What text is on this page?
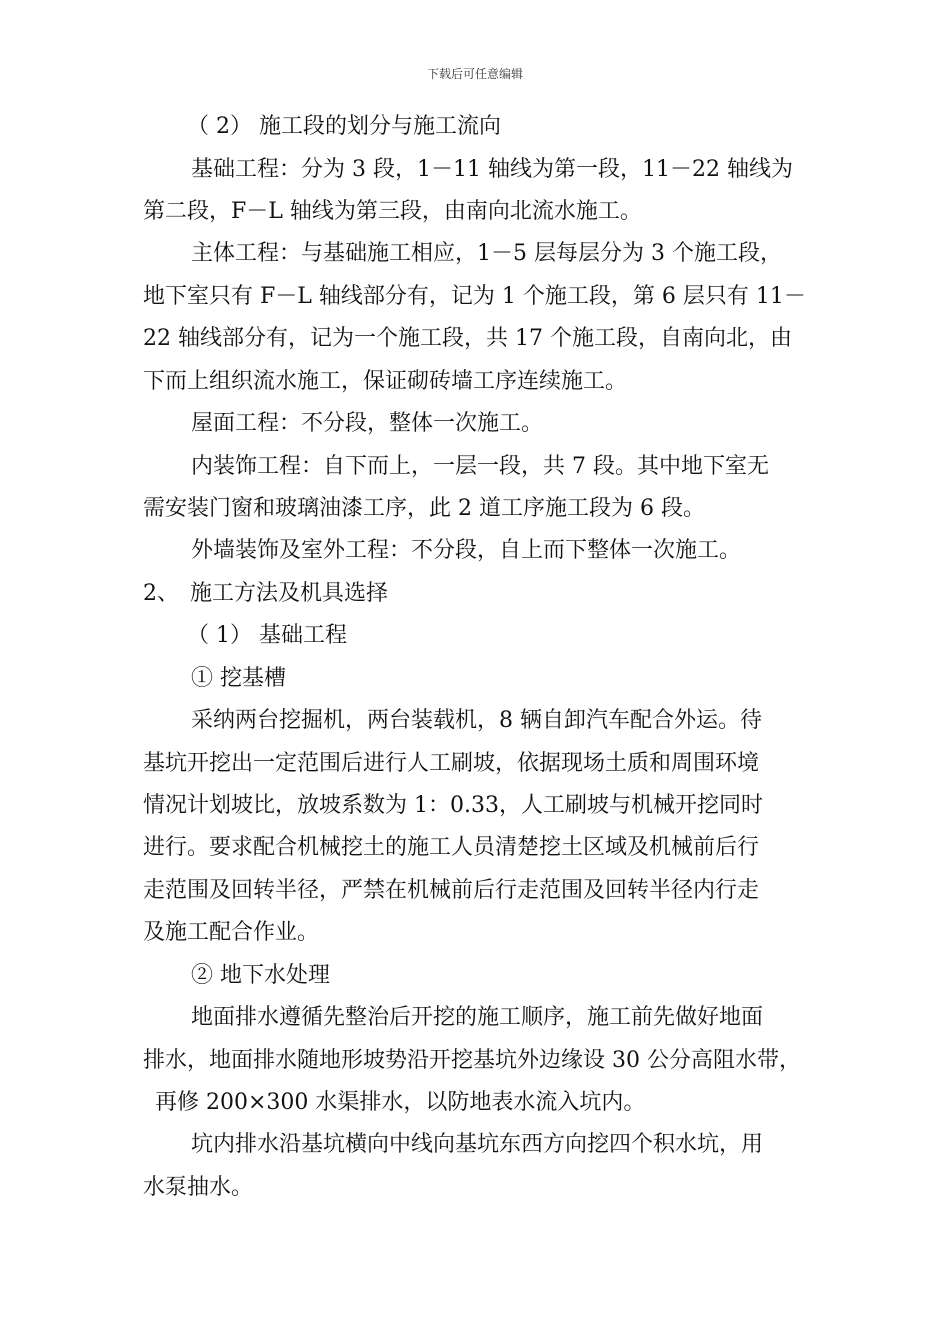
下载后可任意编辑
（ 2） 施工段的划分与施工流向
基础工程：分为 3 段，1－11 轴线为第一段，11－22 轴线为
第二段，F－L 轴线为第三段，由南向北流水施工。
主体工程：与基础施工相应，1－5 层每层分为 3 个施工段，
地下室只有 F－L 轴线部分有，记为 1 个施工段，第 6 层只有 11－
22 轴线部分有，记为一个施工段，共 17 个施工段，自南向北，由
下而上组织流水施工，保证砌砖墙工序连续施工。
屋面工程：不分段，整体一次施工。
内装饰工程：自下而上，一层一段，共 7 段。其中地下室无
需安装门窗和玻璃油漆工序，此 2 道工序施工段为 6 段。
外墙装饰及室外工程：不分段，自上而下整体一次施工。
2、　施工方法及机具选择
（ 1） 基础工程
① 挖基槽
采纳两台挖掘机，两台装载机，8 辆自卸汽车配合外运。待
基坑开挖出一定范围后进行人工刷坡，依据现场土质和周围环境
情况计划坡比，放坡系数为 1：0.33，人工刷坡与机械开挖同时
进行。要求配合机械挖土的施工人员清楚挖土区域及机械前后行
走范围及回转半径，严禁在机械前后行走范围及回转半径内行走
及施工配合作业。
② 地下水处理
地面排水遵循先整治后开挖的施工顺序，施工前先做好地面
排水，地面排水随地形坡势沿开挖基坑外边缘设 30 公分高阻水带，
再修 200×300 水渠排水，以防地表水流入坑内。
坑内排水沿基坑横向中线向基坑东西方向挖四个积水坑，用
水泵抽水。
